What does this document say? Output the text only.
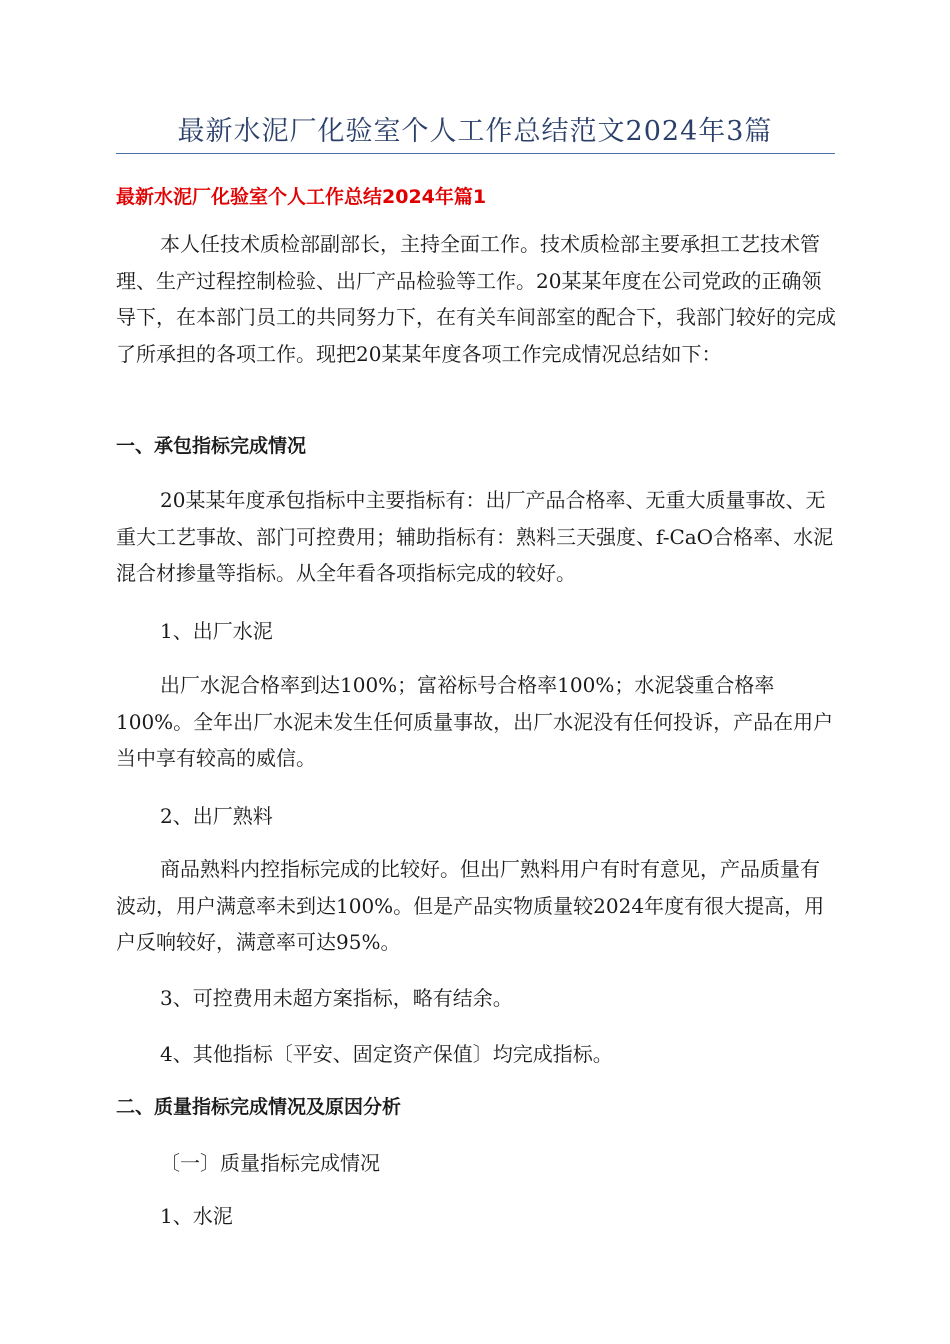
最新水泥厂化验室个人工作总结范文2024年3篇
最新水泥厂化验室个人工作总结2024年篇1

本人任技术质检部副部长，主持全面工作。技术质检部主要承担工艺技术管理、生产过程控制检验、出厂产品检验等工作。20某某年度在公司党政的正确领导下，在本部门员工的共同努力下，在有关车间部室的配合下，我部门较好的完成了所承担的各项工作。现把20某某年度各项工作完成情况总结如下：

一、承包指标完成情况

20某某年度承包指标中主要指标有：出厂产品合格率、无重大质量事故、无重大工艺事故、部门可控费用；辅助指标有：熟料三天强度、f-CaO合格率、水泥混合材掺量等指标。从全年看各项指标完成的较好。

1、出厂水泥

出厂水泥合格率到达100%；富裕标号合格率100%；水泥袋重合格率100%。全年出厂水泥未发生任何质量事故，出厂水泥没有任何投诉，产品在用户当中享有较高的威信。

2、出厂熟料

商品熟料内控指标完成的比较好。但出厂熟料用户有时有意见，产品质量有波动，用户满意率未到达100%。但是产品实物质量较2024年度有很大提高，用户反响较好，满意率可达95%。

3、可控费用未超方案指标，略有结余。
4、其他指标〔平安、固定资产保值〕均完成指标。
二、质量指标完成情况及原因分析
〔一〕质量指标完成情况
1、水泥
